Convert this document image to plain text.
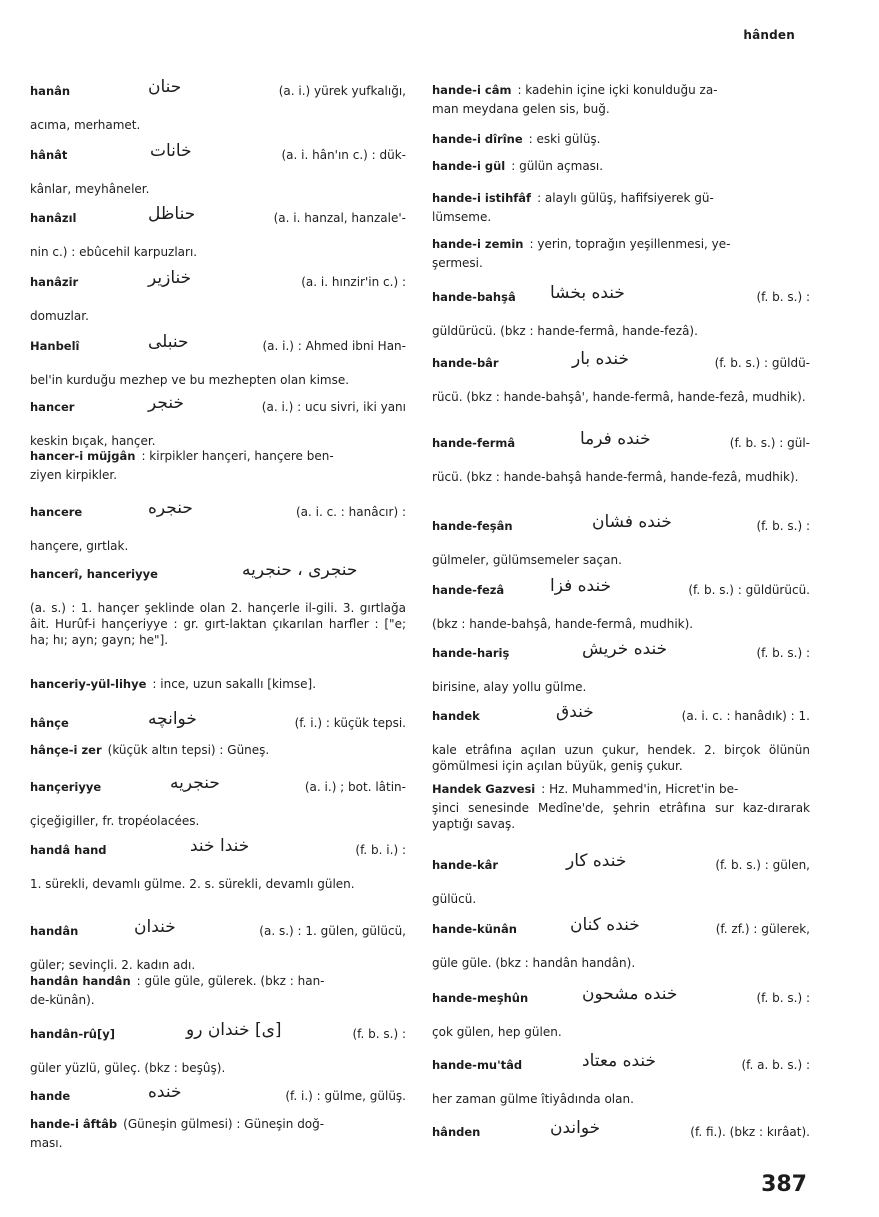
hânden
hanân	حنان	(a. i.) yürek yufkalığı,
acıma, merhamet.
hânât	خانات	(a. i. hân'ın c.) : dük-
kânlar, meyhâneler.
hanâzıl	حناظل	(a. i. hanzal, hanzale'-
nin c.) : ebûcehil karpuzları.
hanâzir	خنازير	(a. i. hınzir'in c.) :
domuzlar.
Hanbelî	حنبلی	(a. i.) : Ahmed ibni Han-
bel'in kurduğu mezhep ve bu mezhepten olan kimse.
hancer	خنجر	(a. i.) : ucu sivri, iki yanı
keskin bıçak, hançer.
hancer-i müjgân : kirpikler hançeri, hançere ben-
ziyen kirpikler.
hancere	حنجره	(a. i. c. : hanâcır) :
hançere, gırtlak.
hancerî, hanceriyye	حنجری ، حنجريه
(a. s.) : 1. hançer şeklinde olan 2. hançerle il-gili. 3. gırtlağa âit. Hurûf-i hançeriyye : gr. gırt-laktan çıkarılan harfler : ["e; ha; hı; ayn; gayn; he"].
hanceriy-yül-lihye : ince, uzun sakallı [kimse].
hânçe	خوانچه	(f. i.) : küçük tepsi.
hânçe-i zer (küçük altın tepsi) : Güneş.
hançeriyye	حنجريه	(a. i.) ; bot. lâtin-
çiçeğigiller, fr. tropéolacées.
handâ hand	خندا خند	(f. b. i.) :
1. sürekli, devamlı gülme. 2. s. sürekli, devamlı gülen.
handân	خندان	(a. s.) : 1. gülen, gülücü,
güler; sevinçli. 2. kadın adı.
handân handân : güle güle, gülerek. (bkz : han-
de-künân).
handân-rû[y]	[ی] خندان رو	(f. b. s.) :
güler yüzlü, güleç. (bkz : beşûş).
hande	خنده	(f. i.) : gülme, gülüş.
hande-i âftâb (Güneşin gülmesi) : Güneşin doğ-
ması.
hande-i câm : kadehin içine içki konulduğu za-
man meydana gelen sis, buğ.
hande-i dîrîne : eski gülüş.
hande-i gül : gülün açması.
hande-i istihfâf : alaylı gülüş, hafifsiyerek gü-
lümseme.
hande-i zemin : yerin, toprağın yeşillenmesi, ye-
şermesi.
hande-bahşâ خنده بخشا	(f. b. s.) :
güldürücü. (bkz : hande-fermâ, hande-fezâ).
hande-bâr	خنده بار	(f. b. s.) : güldü-
rücü. (bkz : hande-bahşâ', hande-fermâ, hande-fezâ, mudhik).
hande-fermâ	خنده فرما	(f. b. s.) : gül-
rücü. (bkz : hande-bahşâ hande-fermâ, hande-fezâ, mudhik).
hande-feşân	خنده فشان	(f. b. s.) :
gülmeler, gülümsemeler saçan.
hande-fezâ	خنده فزا	(f. b. s.) : güldürücü.
(bkz : hande-bahşâ, hande-fermâ, mudhik).
hande-hariş	خنده خريش	(f. b. s.) :
birisine, alay yollu gülme.
handek	خندق	(a. i. c. : hanâdık) : 1.
kale etrâfına açılan uzun çukur, hendek. 2. birçok ölünün gömülmesi için açılan büyük, geniş çukur.
Handek Gazvesi : Hz. Muhammed'in, Hicret'in be-
şinci senesinde Medîne'de, şehrin etrâfına sur kaz-dırarak yaptığı savaş.
hande-kâr	خنده كار	(f. b. s.) : gülen,
gülücü.
hande-künân	خنده كنان	(f. zf.) : gülerek,
güle güle. (bkz : handân handân).
hande-meşhûn	خنده مشحون	(f. b. s.) :
çok gülen, hep gülen.
hande-mu'tâd	خنده معتاد	(f. a. b. s.) :
her zaman gülme îtiyâdında olan.
hânden	خواندن	(f. fi.). (bkz : kırâat).
387
